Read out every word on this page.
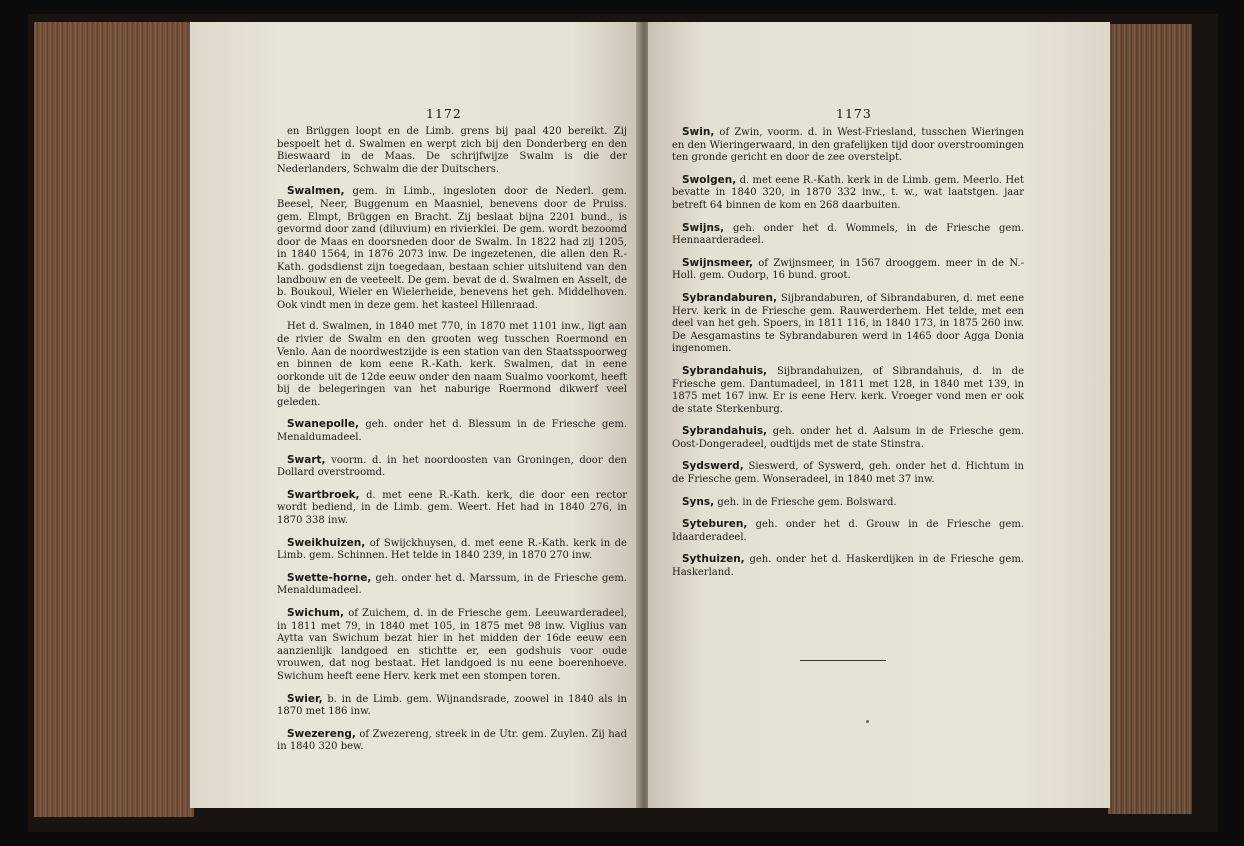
1172

en Brüggen loopt en de Limb. grens bij paal 420 bereikt. Zij bespoelt het d. Swalmen en werpt zich bij den Donderberg en den Bieswaard in de Maas. De schrijfwijze Swalm is die der Nederlanders, Schwalm die der Duitschers.

Swalmen, gem. in Limb., ingesloten door de Nederl. gem. Beesel, Neer, Buggenum en Maasniel, benevens door de Pruiss. gem. Elmpt, Brüggen en Bracht. Zij beslaat bijna 2201 bund., is gevormd door zand (diluvium) en rivierklei. De gem. wordt bezoomd door de Maas en doorsneden door de Swalm. In 1822 had zij 1205, in 1840 1564, in 1876 2073 inw. De ingezetenen, die allen den R.-Kath. godsdienst zijn toegedaan, bestaan schier uitsluitend van den landbouw en de veeteelt. De gem. bevat de d. Swalmen en Asselt, de b. Boukoul, Wieler en Wielerheide, benevens het geh. Middelhoven. Ook vindt men in deze gem. het kasteel Hillenraad.

Het d. Swalmen, in 1840 met 770, in 1870 met 1101 inw., ligt aan de rivier de Swalm en den grooten weg tusschen Roermond en Venlo. Aan de noordwestzijde is een station van den Staatsspoorweg en binnen de kom eene R.-Kath. kerk. Swalmen, dat in eene oorkonde uit de 12de eeuw onder den naam Sualmo voorkomt, heeft bij de belegeringen van het naburige Roermond dikwerf veel geleden.

Swanepolle, geh. onder het d. Blessum in de Friesche gem. Menaldumadeel.

Swart, voorm. d. in het noordoosten van Groningen, door den Dollard overstroomd.

Swartbroek, d. met eene R.-Kath. kerk, die door een rector wordt bediend, in de Limb. gem. Weert. Het had in 1840 276, in 1870 338 inw.

Sweikhuizen, of Swijckhuysen, d. met eene R.-Kath. kerk in de Limb. gem. Schinnen. Het telde in 1840 239, in 1870 270 inw.

Swette-horne, geh. onder het d. Marssum, in de Friesche gem. Menaldumadeel.

Swichum, of Zuichem, d. in de Friesche gem. Leeuwarderadeel, in 1811 met 79, in 1840 met 105, in 1875 met 98 inw. Viglius van Aytta van Swichum bezat hier in het midden der 16de eeuw een aanzienlijk landgoed en stichtte er, een godshuis voor oude vrouwen, dat nog bestaat. Het landgoed is nu eene boerenhoeve. Swichum heeft eene Herv. kerk met een stompen toren.

Swier, b. in de Limb. gem. Wijnandsrade, zoowel in 1840 als in 1870 met 186 inw.

Swezereng, of Zwezereng, streek in de Utr. gem. Zuylen. Zij had in 1840 320 bew.

1173

Swin, of Zwin, voorm. d. in West-Friesland, tusschen Wieringen en den Wieringerwaard, in den grafelijken tijd door overstroomingen ten gronde gericht en door de zee overstelpt.

Swolgen, d. met eene R.-Kath. kerk in de Limb. gem. Meerlo. Het bevatte in 1840 320, in 1870 332 inw., t. w., wat laatstgen. jaar betreft 64 binnen de kom en 268 daarbuiten.

Swijns, geh. onder het d. Wommels, in de Friesche gem. Hennaarderadeel.

Swijnsmeer, of Zwijnsmeer, in 1567 drooggem. meer in de N.-Holl. gem. Oudorp, 16 bund. groot.

Sybrandaburen, Sijbrandaburen, of Sibrandaburen, d. met eene Herv. kerk in de Friesche gem. Rauwerderhem. Het telde, met een deel van het geh. Spoers, in 1811 116, in 1840 173, in 1875 260 inw. De Aesgamastins te Sybrandaburen werd in 1465 door Agga Donia ingenomen.

Sybrandahuis, Sijbrandahuizen, of Sibrandahuis, d. in de Friesche gem. Dantumadeel, in 1811 met 128, in 1840 met 139, in 1875 met 167 inw. Er is eene Herv. kerk. Vroeger vond men er ook de state Sterkenburg.

Sybrandahuis, geh. onder het d. Aalsum in de Friesche gem. Oost-Dongeradeel, oudtijds met de state Stinstra.

Sydswerd, Sieswerd, of Syswerd, geh. onder het d. Hichtum in de Friesche gem. Wonseradeel, in 1840 met 37 inw.

Syns, geh. in de Friesche gem. Bolsward.

Syteburen, geh. onder het d. Grouw in de Friesche gem. Idaarderadeel.

Sythuizen, geh. onder het d. Haskerdijken in de Friesche gem. Haskerland.
